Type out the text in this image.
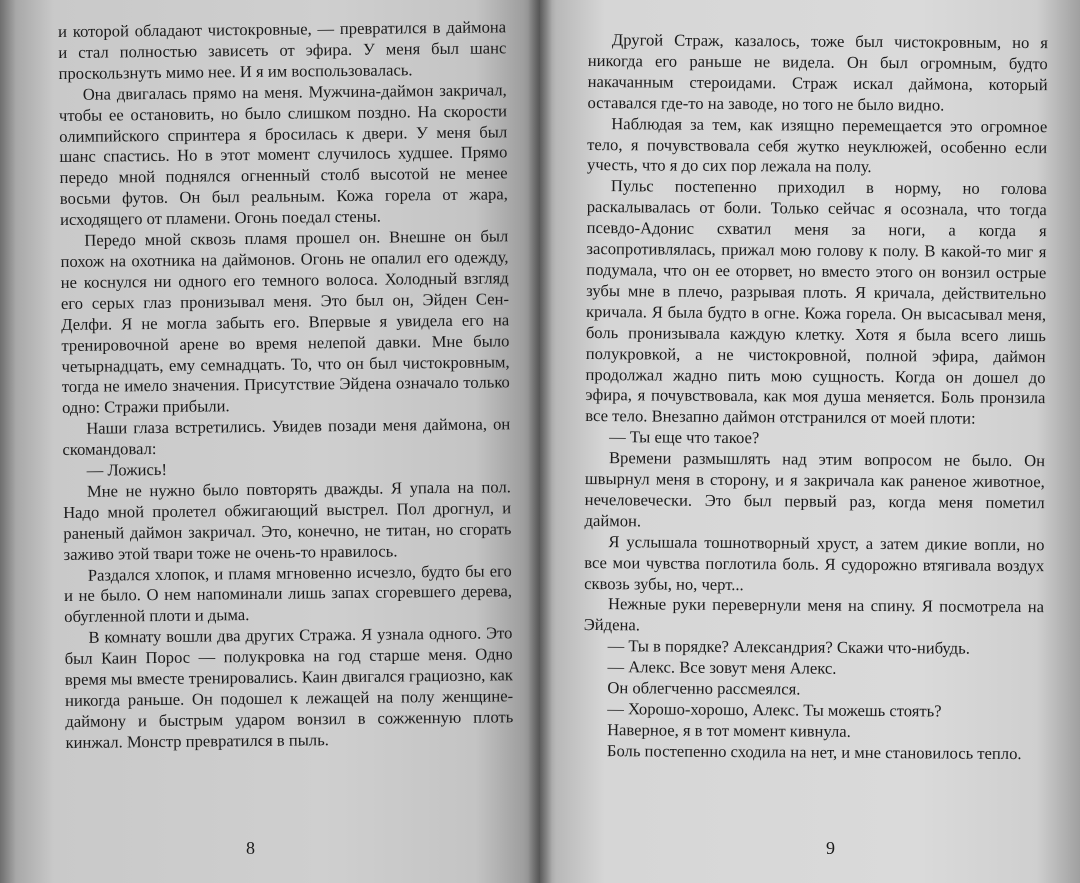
и которой обладают чистокровные, — превратился в даймона и стал полностью зависеть от эфира. У меня был шанс проскользнуть мимо нее. И я им воспользовалась.

Она двигалась прямо на меня. Мужчина-даймон закричал, чтобы ее остановить, но было слишком поздно. На скорости олимпийского спринтера я бросилась к двери. У меня был шанс спастись. Но в этот момент случилось худшее. Прямо передо мной поднялся огненный столб высотой не менее восьми футов. Он был реальным. Кожа горела от жара, исходящего от пламени. Огонь поедал стены.

Передо мной сквозь пламя прошел он. Внешне он был похож на охотника на даймонов. Огонь не опалил его одежду, не коснулся ни одного его темного волоса. Холодный взгляд его серых глаз пронизывал меня. Это был он, Эйден Сен-Делфи. Я не могла забыть его. Впервые я увидела его на тренировочной арене во время нелепой давки. Мне было четырнадцать, ему семнадцать. То, что он был чистокровным, тогда не имело значения. Присутствие Эйдена означало только одно: Стражи прибыли.

Наши глаза встретились. Увидев позади меня даймона, он скомандовал:

— Ложись!

Мне не нужно было повторять дважды. Я упала на пол. Надо мной пролетел обжигающий выстрел. Пол дрогнул, и раненый даймон закричал. Это, конечно, не титан, но сгорать заживо этой твари тоже не очень-то нравилось.

Раздался хлопок, и пламя мгновенно исчезло, будто бы его и не было. О нем напоминали лишь запах сгоревшего дерева, обугленной плоти и дыма.

В комнату вошли два других Стража. Я узнала одного. Это был Каин Порос — полукровка на год старше меня. Одно время мы вместе тренировались. Каин двигался грациозно, как никогда раньше. Он подошел к лежащей на полу женщине-даймону и быстрым ударом вонзил в сожженную плоть кинжал. Монстр превратился в пыль.

8

Другой Страж, казалось, тоже был чистокровным, но я никогда его раньше не видела. Он был огромным, будто накачанным стероидами. Страж искал даймона, который оставался где-то на заводе, но того не было видно.

Наблюдая за тем, как изящно перемещается это огромное тело, я почувствовала себя жутко неуклюжей, особенно если учесть, что я до сих пор лежала на полу.

Пульс постепенно приходил в норму, но голова раскалывалась от боли. Только сейчас я осознала, что тогда псевдо-Адонис схватил меня за ноги, а когда я засопротивлялась, прижал мою голову к полу. В какой-то миг я подумала, что он ее оторвет, но вместо этого он вонзил острые зубы мне в плечо, разрывая плоть. Я кричала, действительно кричала. Я была будто в огне. Кожа горела. Он высасывал меня, боль пронизывала каждую клетку. Хотя я была всего лишь полукровкой, а не чистокровной, полной эфира, даймон продолжал жадно пить мою сущность. Когда он дошел до эфира, я почувствовала, как моя душа меняется. Боль пронзила все тело. Внезапно даймон отстранился от моей плоти:

— Ты еще что такое?

Времени размышлять над этим вопросом не было. Он швырнул меня в сторону, и я закричала как раненое животное, нечеловечески. Это был первый раз, когда меня пометил даймон.

Я услышала тошнотворный хруст, а затем дикие вопли, но все мои чувства поглотила боль. Я судорожно втягивала воздух сквозь зубы, но, черт...

Нежные руки перевернули меня на спину. Я посмотрела на Эйдена.

— Ты в порядке? Александрия? Скажи что-нибудь.

— Алекс. Все зовут меня Алекс.

Он облегченно рассмеялся.

— Хорошо-хорошо, Алекс. Ты можешь стоять?

Наверное, я в тот момент кивнула.

Боль постепенно сходила на нет, и мне становилось тепло.

9
